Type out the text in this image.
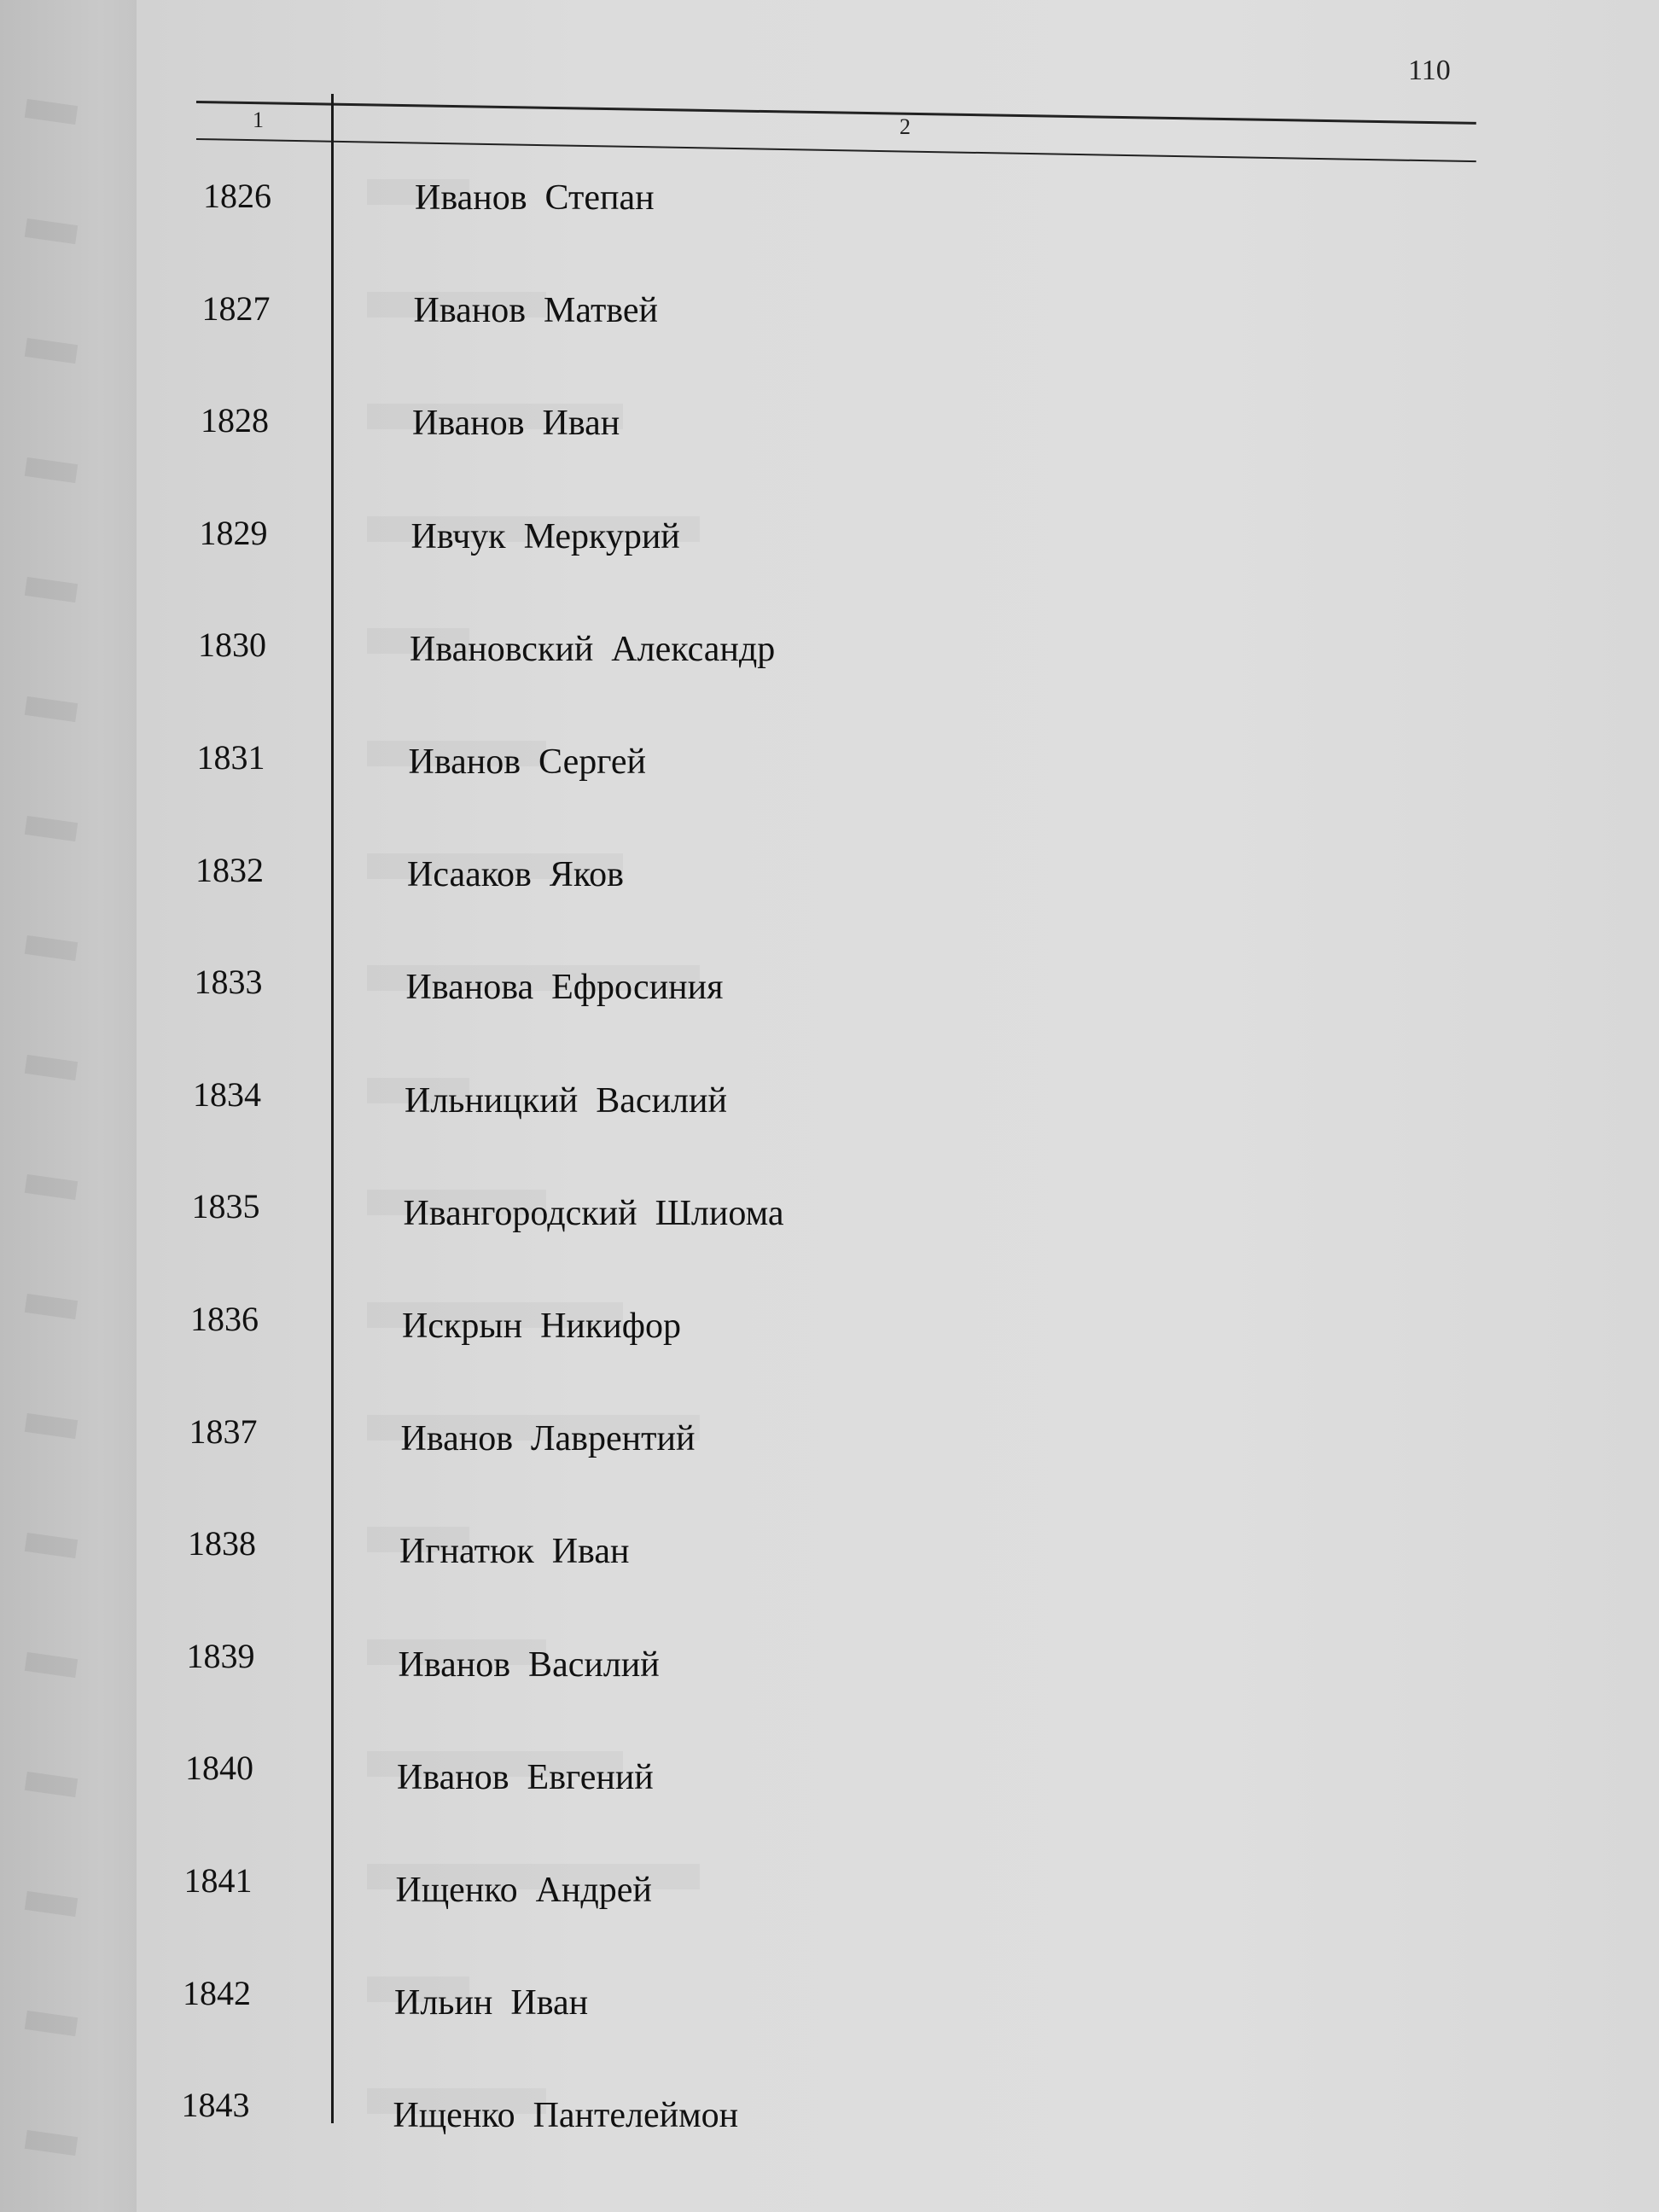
110
1	2
1826	Иванов  Степан
1827	Иванов  Матвей
1828	Иванов  Иван
1829	Ивчук  Меркурий
1830	Ивановский  Александр
1831	Иванов  Сергей
1832	Исааков  Яков
1833	Иванова  Ефросиния
1834	Ильницкий  Василий
1835	Ивангородский  Шлиома
1836	Искрын  Никифор
1837	Иванов  Лаврентий
1838	Игнатюк  Иван
1839	Иванов  Василий
1840	Иванов  Евгений
1841	Ищенко  Андрей
1842	Ильин  Иван
1843	Ищенко  Пантелеймон
